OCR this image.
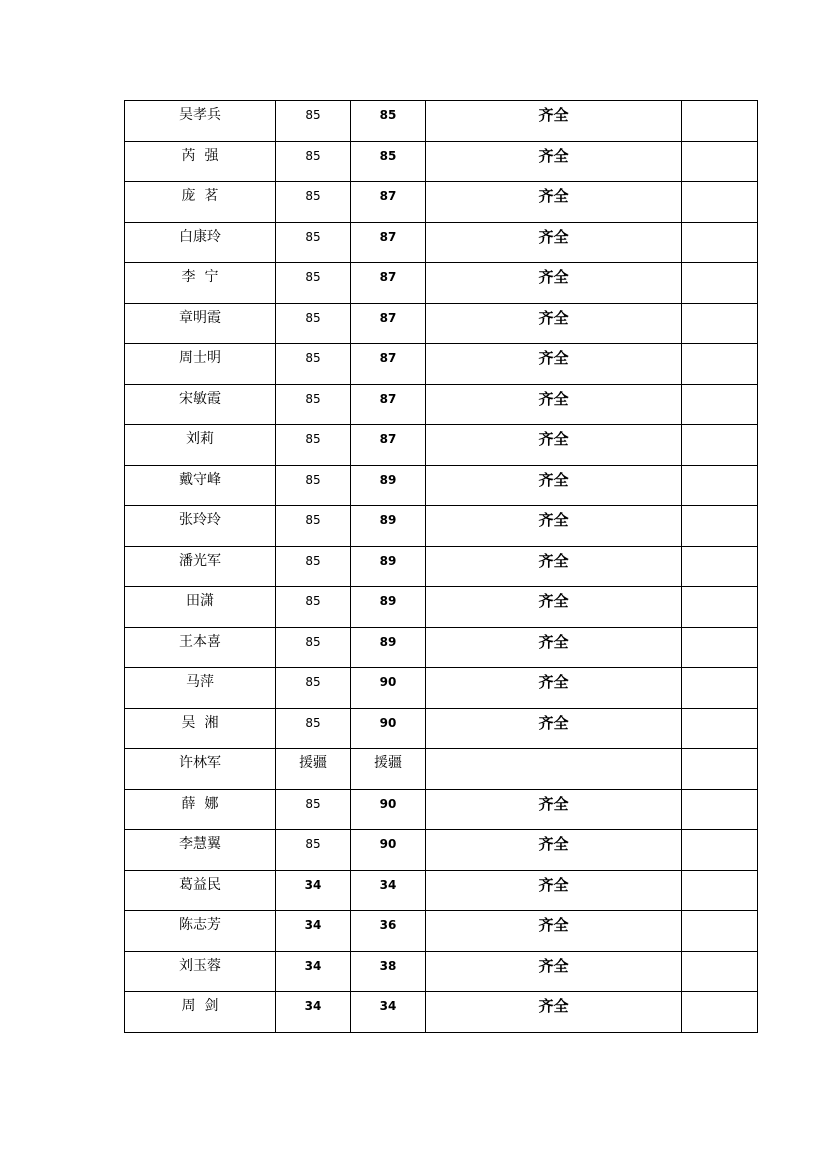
吴孝兵	85	85	齐全	
芮  强	85	85	齐全	
庞  茗	85	87	齐全	
白康玲	85	87	齐全	
李  宁	85	87	齐全	
章明霞	85	87	齐全	
周士明	85	87	齐全	
宋敏霞	85	87	齐全	
刘莉	85	87	齐全	
戴守峰	85	89	齐全	
张玲玲	85	89	齐全	
潘光军	85	89	齐全	
田潇	85	89	齐全	
王本喜	85	89	齐全	
马萍	85	90	齐全	
吴  湘	85	90	齐全	
许林军	援疆	援疆		
薛  娜	85	90	齐全	
李慧翼	85	90	齐全	
葛益民	34	34	齐全	
陈志芳	34	36	齐全	
刘玉蓉	34	38	齐全	
周  剑	34	34	齐全	
